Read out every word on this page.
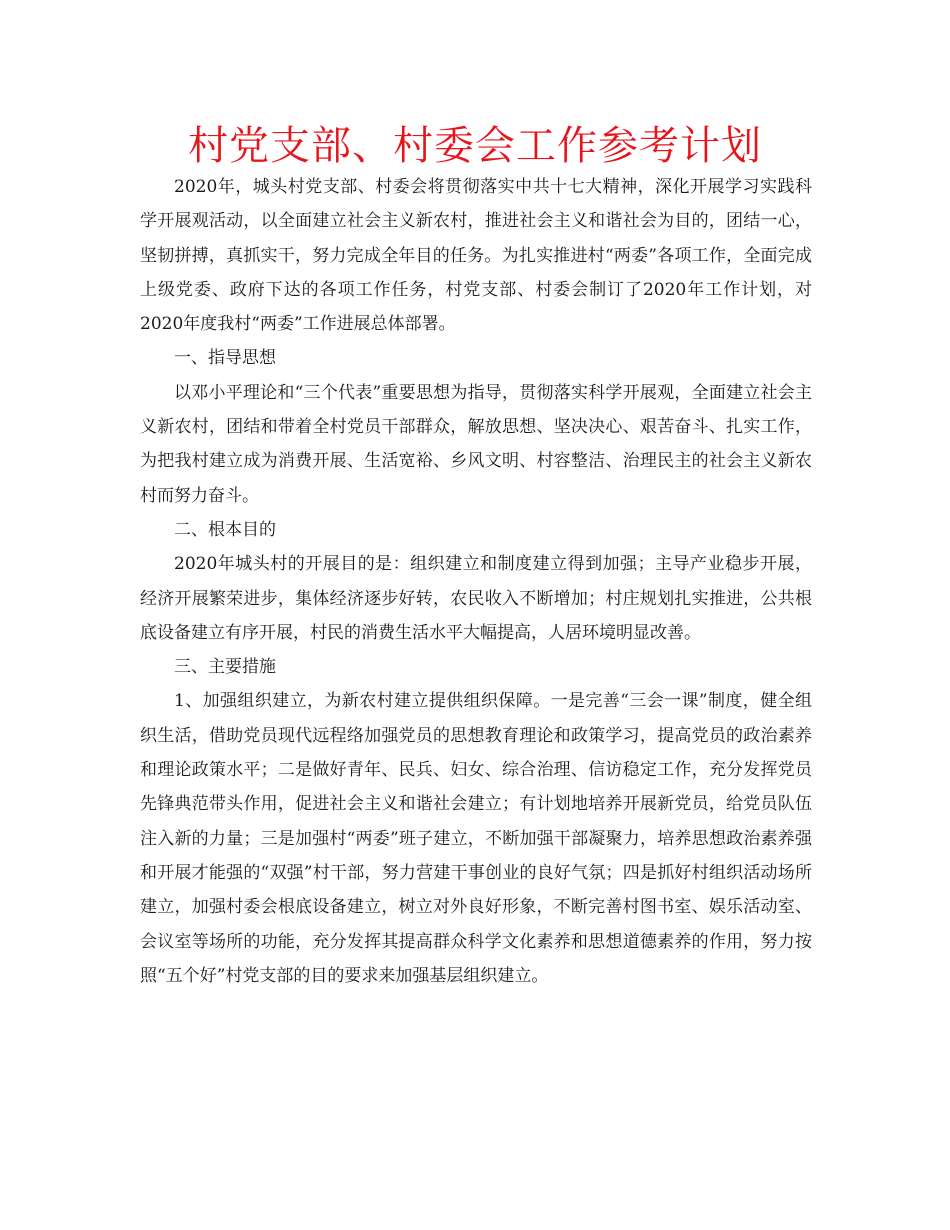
村党支部、村委会工作参考计划

2020年，城头村党支部、村委会将贯彻落实中共十七大精神，深化开展学习实践科学开展观活动，以全面建立社会主义新农村，推进社会主义和谐社会为目的，团结一心，坚韧拼搏，真抓实干，努力完成全年目的任务。为扎实推进村“两委”各项工作，全面完成上级党委、政府下达的各项工作任务，村党支部、村委会制订了2020年工作计划，对2020年度我村“两委”工作进展总体部署。

一、指导思想

以邓小平理论和“三个代表”重要思想为指导，贯彻落实科学开展观，全面建立社会主义新农村，团结和带着全村党员干部群众，解放思想、坚决决心、艰苦奋斗、扎实工作，为把我村建立成为消费开展、生活宽裕、乡风文明、村容整洁、治理民主的社会主义新农村而努力奋斗。

二、根本目的

2020年城头村的开展目的是：组织建立和制度建立得到加强；主导产业稳步开展，经济开展繁荣进步，集体经济逐步好转，农民收入不断增加；村庄规划扎实推进，公共根底设备建立有序开展，村民的消费生活水平大幅提高，人居环境明显改善。

三、主要措施

1、加强组织建立，为新农村建立提供组织保障。一是完善“三会一课”制度，健全组织生活，借助党员现代远程络加强党员的思想教育理论和政策学习，提高党员的政治素养和理论政策水平；二是做好青年、民兵、妇女、综合治理、信访稳定工作，充分发挥党员先锋典范带头作用，促进社会主义和谐社会建立；有计划地培养开展新党员，给党员队伍注入新的力量；三是加强村“两委”班子建立，不断加强干部凝聚力，培养思想政治素养强和开展才能强的“双强”村干部，努力营建干事创业的良好气氛；四是抓好村组织活动场所建立，加强村委会根底设备建立，树立对外良好形象，不断完善村图书室、娱乐活动室、会议室等场所的功能，充分发挥其提高群众科学文化素养和思想道德素养的作用，努力按照“五个好”村党支部的目的要求来加强基层组织建立。
